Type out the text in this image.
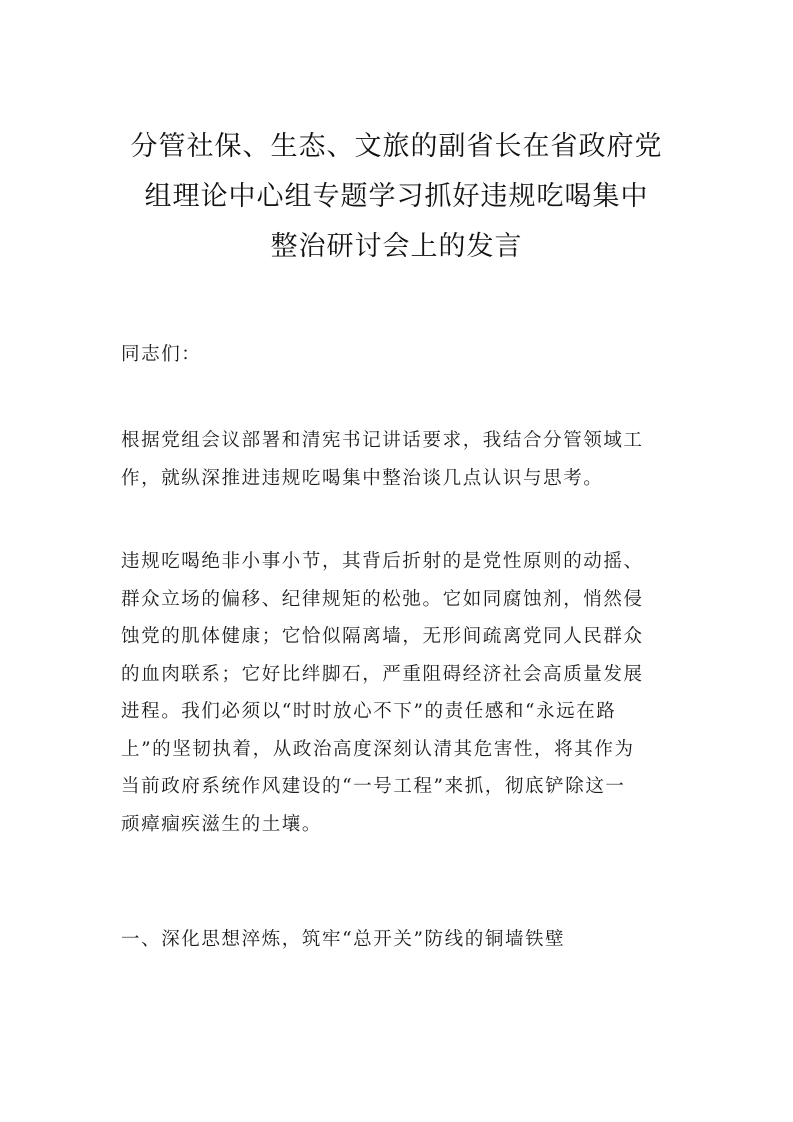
分管社保、生态、文旅的副省长在省政府党
组理论中心组专题学习抓好违规吃喝集中
整治研讨会上的发言

同志们：

根据党组会议部署和清宪书记讲话要求，我结合分管领域工
作，就纵深推进违规吃喝集中整治谈几点认识与思考。

违规吃喝绝非小事小节，其背后折射的是党性原则的动摇、
群众立场的偏移、纪律规矩的松弛。它如同腐蚀剂，悄然侵
蚀党的肌体健康；它恰似隔离墙，无形间疏离党同人民群众
的血肉联系；它好比绊脚石，严重阻碍经济社会高质量发展
进程。我们必须以“时时放心不下”的责任感和“永远在路
上”的坚韧执着，从政治高度深刻认清其危害性，将其作为
当前政府系统作风建设的“一号工程”来抓，彻底铲除这一
顽瘴痼疾滋生的土壤。

一、深化思想淬炼，筑牢“总开关”防线的铜墙铁壁
